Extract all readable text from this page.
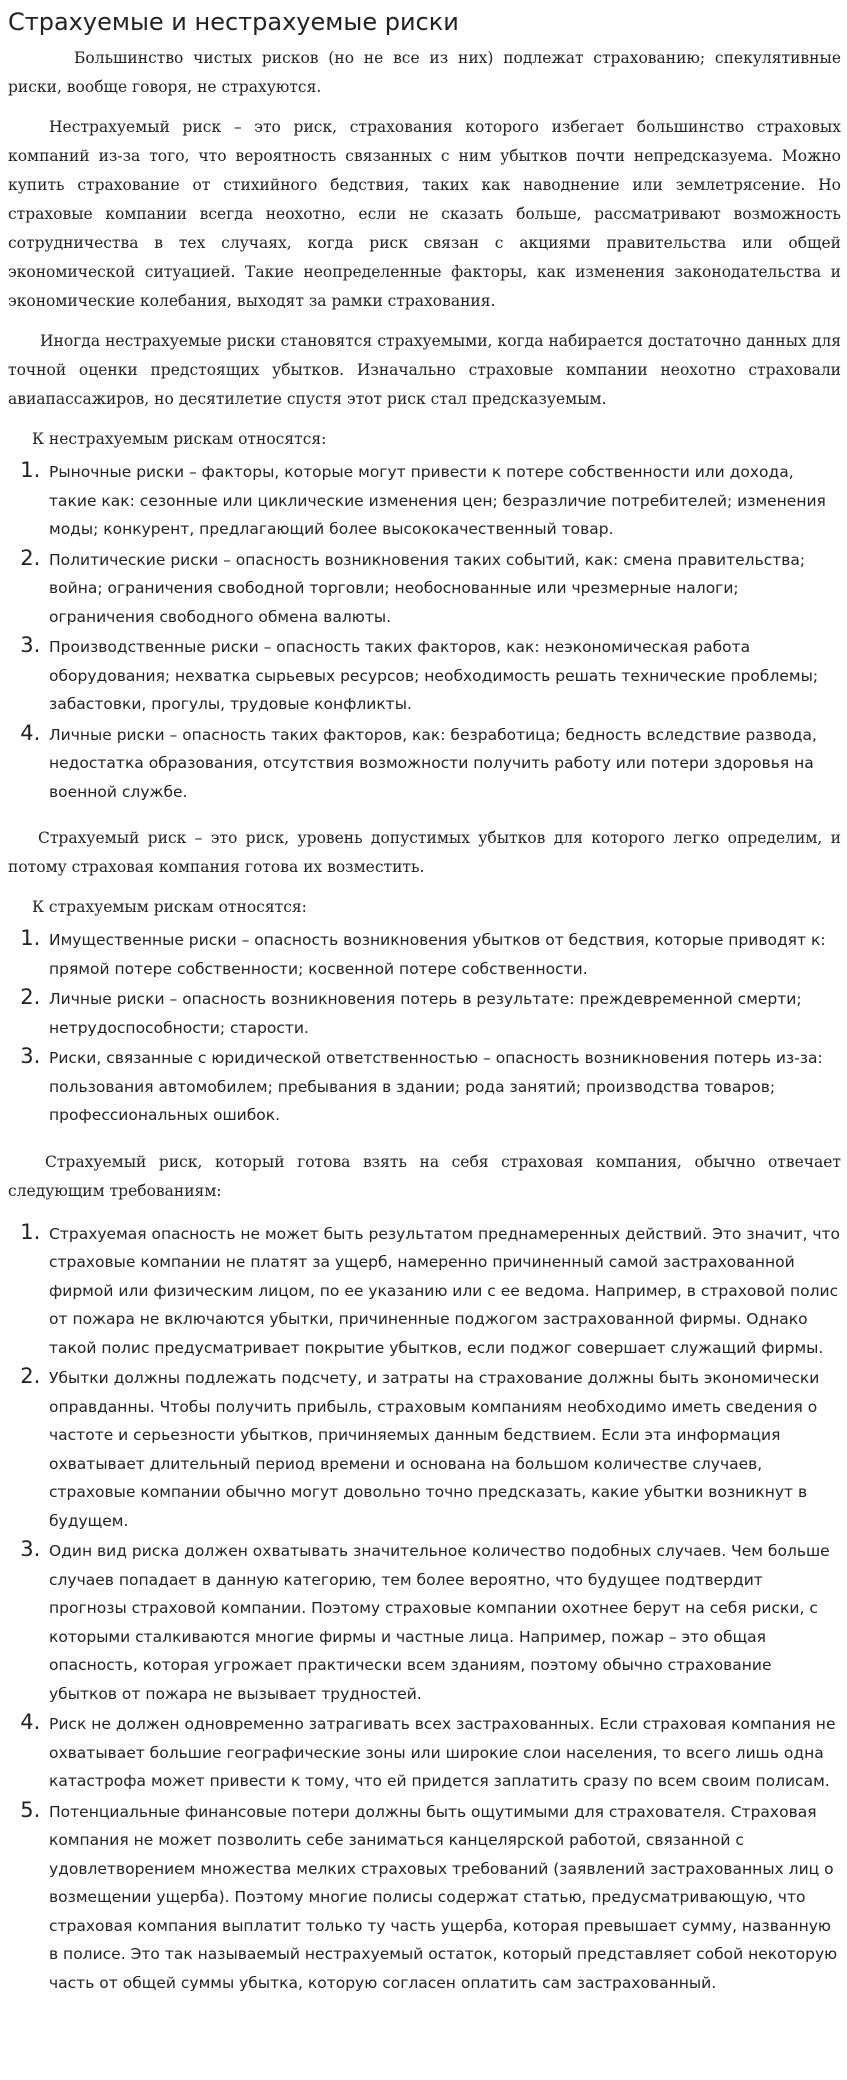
Страхуемые и нестрахуемые риски

Большинство чистых рисков (но не все из них) подлежат страхованию; спекулятивные риски, вообще говоря, не страхуются.

Нестрахуемый риск – это риск, страхования которого избегает большинство страховых компаний из-за того, что вероятность связанных с ним убытков почти непредсказуема. Можно купить страхование от стихийного бедствия, таких как наводнение или землетрясение. Но страховые компании всегда неохотно, если не сказать больше, рассматривают возможность сотрудничества в тех случаях, когда риск связан с акциями правительства или общей экономической ситуацией. Такие неопределенные факторы, как изменения законодательства и экономические колебания, выходят за рамки страхования.

Иногда нестрахуемые риски становятся страхуемыми, когда набирается достаточно данных для точной оценки предстоящих убытков. Изначально страховые компании неохотно страховали авиапассажиров, но десятилетие спустя этот риск стал предсказуемым.

К нестрахуемым рискам относятся:

1. Рыночные риски – факторы, которые могут привести к потере собственности или дохода, такие как: сезонные или циклические изменения цен; безразличие потребителей; изменения моды; конкурент, предлагающий более высококачественный товар.
2. Политические риски – опасность возникновения таких событий, как: смена правительства; война; ограничения свободной торговли; необоснованные или чрезмерные налоги; ограничения свободного обмена валюты.
3. Производственные риски – опасность таких факторов, как: неэкономическая работа оборудования; нехватка сырьевых ресурсов; необходимость решать технические проблемы; забастовки, прогулы, трудовые конфликты.
4. Личные риски – опасность таких факторов, как: безработица; бедность вследствие развода, недостатка образования, отсутствия возможности получить работу или потери здоровья на военной службе.

Страхуемый риск – это риск, уровень допустимых убытков для которого легко определим, и потому страховая компания готова их возместить.

К страхуемым рискам относятся:

1. Имущественные риски – опасность возникновения убытков от бедствия, которые приводят к: прямой потере собственности; косвенной потере собственности.
2. Личные риски – опасность возникновения потерь в результате: преждевременной смерти; нетрудоспособности; старости.
3. Риски, связанные с юридической ответственностью – опасность возникновения потерь из-за: пользования автомобилем; пребывания в здании; рода занятий; производства товаров; профессиональных ошибок.

Страхуемый риск, который готова взять на себя страховая компания, обычно отвечает следующим требованиям:

1. Страхуемая опасность не может быть результатом преднамеренных действий. Это значит, что страховые компании не платят за ущерб, намеренно причиненный самой застрахованной фирмой или физическим лицом, по ее указанию или с ее ведома. Например, в страховой полис от пожара не включаются убытки, причиненные поджогом застрахованной фирмы. Однако такой полис предусматривает покрытие убытков, если поджог совершает служащий фирмы.
2. Убытки должны подлежать подсчету, и затраты на страхование должны быть экономически оправданны. Чтобы получить прибыль, страховым компаниям необходимо иметь сведения о частоте и серьезности убытков, причиняемых данным бедствием. Если эта информация охватывает длительный период времени и основана на большом количестве случаев, страховые компании обычно могут довольно точно предсказать, какие убытки возникнут в будущем.
3. Один вид риска должен охватывать значительное количество подобных случаев. Чем больше случаев попадает в данную категорию, тем более вероятно, что будущее подтвердит прогнозы страховой компании. Поэтому страховые компании охотнее берут на себя риски, с которыми сталкиваются многие фирмы и частные лица. Например, пожар – это общая опасность, которая угрожает практически всем зданиям, поэтому обычно страхование убытков от пожара не вызывает трудностей.
4. Риск не должен одновременно затрагивать всех застрахованных. Если страховая компания не охватывает большие географические зоны или широкие слои населения, то всего лишь одна катастрофа может привести к тому, что ей придется заплатить сразу по всем своим полисам.
5. Потенциальные финансовые потери должны быть ощутимыми для страхователя. Страховая компания не может позволить себе заниматься канцелярской работой, связанной с удовлетворением множества мелких страховых требований (заявлений застрахованных лиц о возмещении ущерба). Поэтому многие полисы содержат статью, предусматривающую, что страховая компания выплатит только ту часть ущерба, которая превышает сумму, названную в полисе. Это так называемый нестрахуемый остаток, который представляет собой некоторую часть от общей суммы убытка, которую согласен оплатить сам застрахованный.
